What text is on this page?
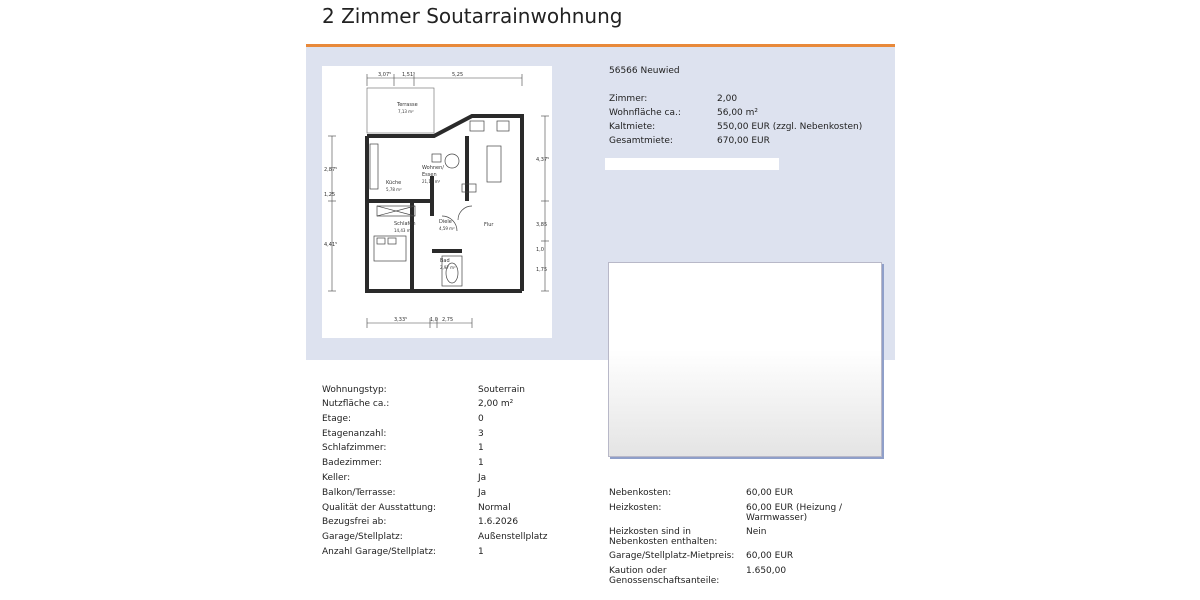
2 Zimmer Soutarrainwohnung
3,07⁵ 1,51⁵	5,25
3,33⁵	1,0 2,75
2,87⁵
1,25
4,41⁵
4,37⁵
3,85
1,0
1,75
Terrasse
7,13 m²
Wohnen/
Essen
21,16 m²
Küche
5,78 m²
Schlafen
14,43 m²
Diele
4,59 m²
Bad
2,97 m²
Flur
56566 Neuwied
Zimmer:	2,00
Wohnfläche ca.:	56,00 m²
Kaltmiete:	550,00 EUR (zzgl. Nebenkosten)
Gesamtmiete:	670,00 EUR
Wohnungstyp:	Souterrain
Nutzfläche ca.:	2,00 m²
Etage:	0
Etagenanzahl:	3
Schlafzimmer:	1
Badezimmer:	1
Keller:	Ja
Balkon/Terrasse:	Ja
Qualität der Ausstattung:	Normal
Bezugsfrei ab:	1.6.2026
Garage/Stellplatz:	Außenstellplatz
Anzahl Garage/Stellplatz:	1
Nebenkosten:	60,00 EUR
Heizkosten:	60,00 EUR (Heizung / Warmwasser)
Heizkosten sind in Nebenkosten enthalten:
Nein
Garage/Stellplatz-Mietpreis:	60,00 EUR
Kaution oder Genossenschaftsanteile:
1.650,00
